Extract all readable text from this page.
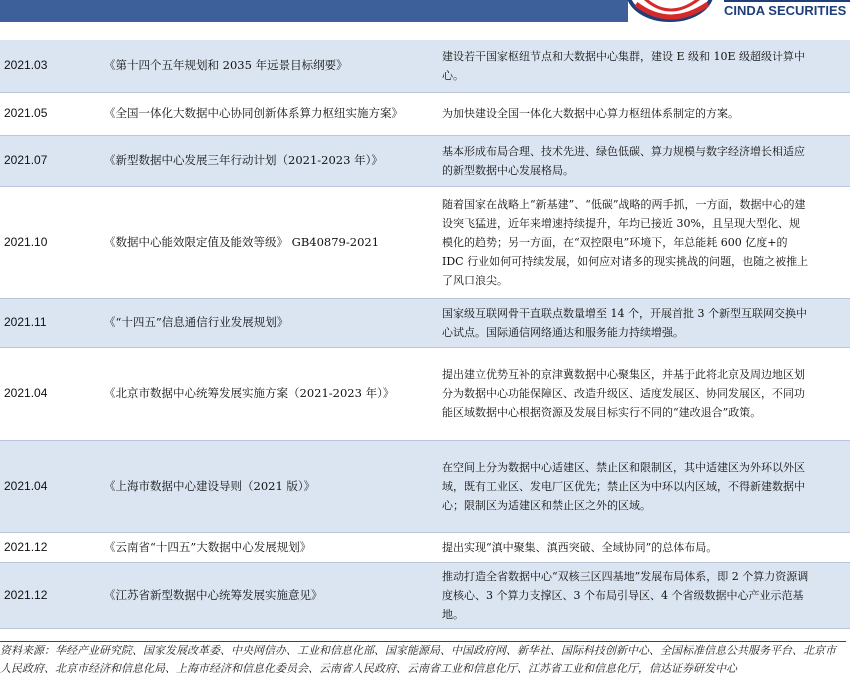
CINDA SECURITIES
2021.03	《第十四个五年规划和 2035 年远景目标纲要》		建设若干国家枢纽节点和大数据中心集群，建设 E 级和 10E 级超级计算中心。
2021.05	《全国一体化大数据中心协同创新体系算力枢纽实施方案》		为加快建设全国一体化大数据中心算力枢纽体系制定的方案。
2021.07	《新型数据中心发展三年行动计划（2021-2023 年）》		基本形成布局合理、技术先进、绿色低碳、算力规模与数字经济增长相适应的新型数据中心发展格局。
2021.10	《数据中心能效限定值及能效等级》 GB40879-2021		随着国家在战略上“新基建”、“低碳”战略的两手抓，一方面，数据中心的建设突飞猛进，近年来增速持续提升，年均已接近 30%，且呈现大型化、规模化的趋势；另一方面，在“双控限电”环境下，年总能耗 600 亿度+的 IDC 行业如何可持续发展，如何应对诸多的现实挑战的问题，也随之被推上了风口浪尖。
2021.11	《“十四五”信息通信行业发展规划》		国家级互联网骨干直联点数量增至 14 个，开展首批 3 个新型互联网交换中心试点。国际通信网络通达和服务能力持续增强。
2021.04	《北京市数据中心统筹发展实施方案（2021-2023 年）》		提出建立优势互补的京津冀数据中心聚集区，并基于此将北京及周边地区划分为数据中心功能保障区、改造升级区、适度发展区、协同发展区，不同功能区域数据中心根据资源及发展目标实行不同的“建改退合”政策。
2021.04	《上海市数据中心建设导则（2021 版）》		在空间上分为数据中心适建区、禁止区和限制区，其中适建区为外环以外区域，既有工业区、发电厂区优先；禁止区为中环以内区域，不得新建数据中心；限制区为适建区和禁止区之外的区域。
2021.12	《云南省“十四五”大数据中心发展规划》		提出实现“滇中聚集、滇西突破、全域协同”的总体布局。
2021.12	《江苏省新型数据中心统筹发展实施意见》		推动打造全省数据中心“双核三区四基地”发展布局体系，即 2 个算力资源调度核心、3 个算力支撑区、3 个布局引导区、4 个省级数据中心产业示范基地。
资料来源：华经产业研究院、国家发展改革委、中央网信办、工业和信息化部、国家能源局、中国政府网、新华社、国际科技创新中心、全国标准信息公共服务平台、北京市人民政府、北京市经济和信息化局、上海市经济和信息化委员会、云南省人民政府、云南省工业和信息化厅、江苏省工业和信息化厅，信达证券研发中心
